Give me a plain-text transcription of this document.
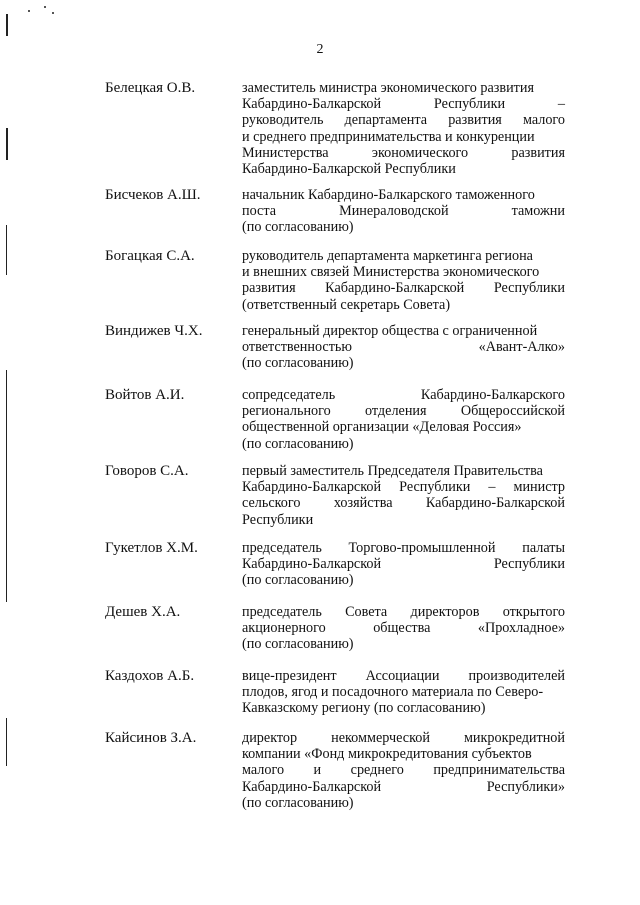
2
Белецкая О.В.	заместитель министра экономического развития
Кабардино-Балкарской Республики –
руководитель департамента развития малого
и среднего предпринимательства и конкуренции
Министерства экономического развития
Кабардино-Балкарской Республики
Бисчеков А.Ш.	начальник Кабардино-Балкарского таможенного
поста Минераловодской таможни
(по согласованию)
Богацкая С.А.	руководитель департамента маркетинга региона
и внешних связей Министерства экономического
развития Кабардино-Балкарской Республики
(ответственный секретарь Совета)
Виндижев Ч.Х.	генеральный директор общества с ограниченной
ответственностью «Авант-Алко»
(по согласованию)
Войтов А.И.	сопредседатель Кабардино-Балкарского
регионального отделения Общероссийской
общественной организации «Деловая Россия»
(по согласованию)
Говоров С.А.	первый заместитель Председателя Правительства
Кабардино-Балкарской Республики – министр
сельского хозяйства Кабардино-Балкарской
Республики
Гукетлов Х.М.	председатель Торгово-промышленной палаты
Кабардино-Балкарской Республики
(по согласованию)
Дешев Х.А.	председатель Совета директоров открытого
акционерного общества «Прохладное»
(по согласованию)
Каздохов А.Б.	вице-президент Ассоциации производителей
плодов, ягод и посадочного материала по Северо-
Кавказскому региону (по согласованию)
Кайсинов З.А.	директор некоммерческой микрокредитной
компании «Фонд микрокредитования субъектов
малого и среднего предпринимательства
Кабардино-Балкарской Республики»
(по согласованию)
